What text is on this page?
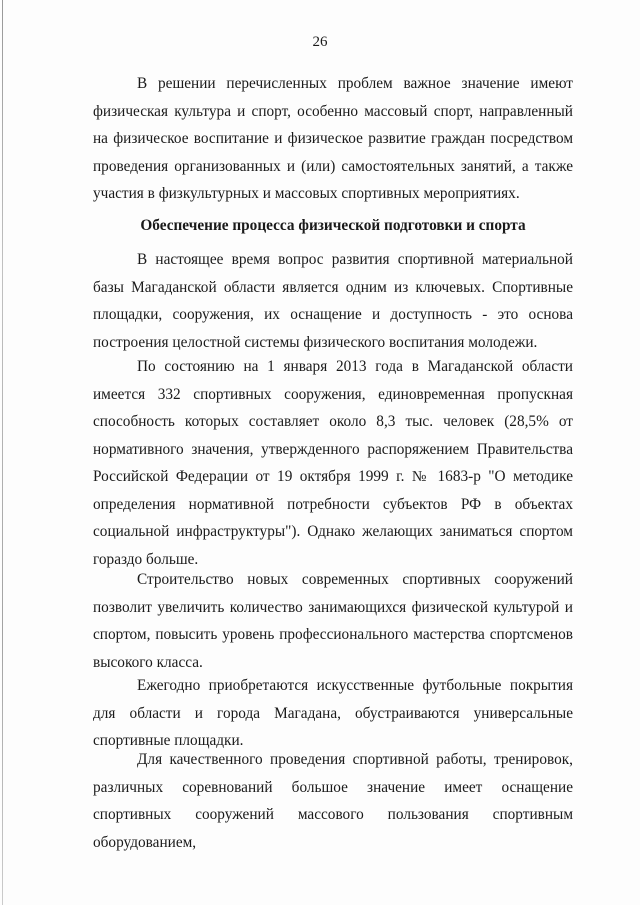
26

В решении перечисленных проблем важное значение имеют физическая культура и спорт, особенно массовый спорт, направленный на физическое воспитание и физическое развитие граждан посредством проведения организованных и (или) самостоятельных занятий, а также участия в физкультурных и массовых спортивных мероприятиях.

Обеспечение процесса физической подготовки и спорта

В настоящее время вопрос развития спортивной материальной базы Магаданской области является одним из ключевых. Спортивные площадки, сооружения, их оснащение и доступность - это основа построения целостной системы физического воспитания молодежи.

По состоянию на 1 января 2013 года в Магаданской области имеется 332 спортивных сооружения, единовременная пропускная способность которых составляет около 8,3 тыс. человек (28,5% от нормативного значения, утвержденного распоряжением Правительства Российской Федерации от 19 октября 1999 г. № 1683-р "О методике определения нормативной потребности субъектов РФ в объектах социальной инфраструктуры"). Однако желающих заниматься спортом гораздо больше.

Строительство новых современных спортивных сооружений позволит увеличить количество занимающихся физической культурой и спортом, повысить уровень профессионального мастерства спортсменов высокого класса.

Ежегодно приобретаются искусственные футбольные покрытия для области и города Магадана, обустраиваются универсальные спортивные площадки.

Для качественного проведения спортивной работы, тренировок, различных соревнований большое значение имеет оснащение спортивных сооружений массового пользования спортивным оборудованием,
